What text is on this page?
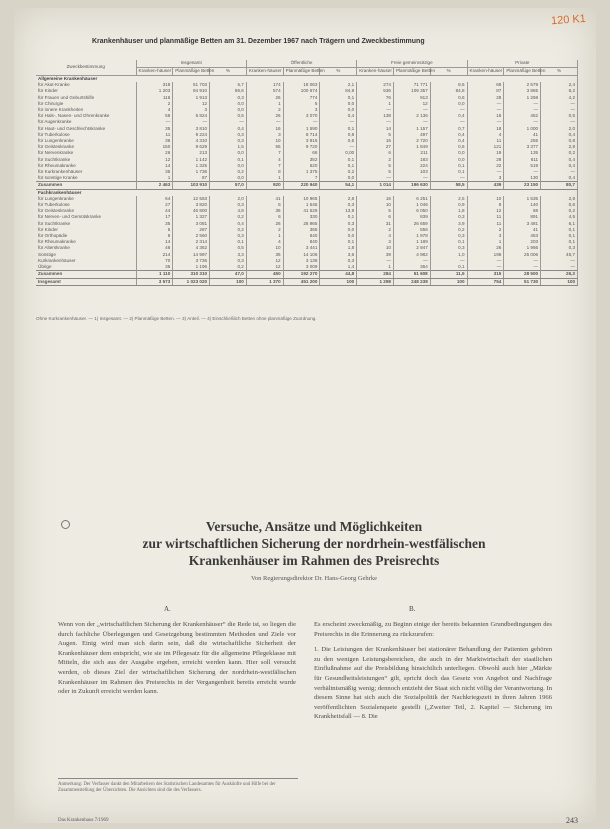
120 K1
Krankenhäuser und planmäßige Betten am 31. Dezember 1967 nach Trägern und Zweckbestimmung
Zweckbestimmung	Insgesamt			Öffentliche			Freie gemeinnützige			Private		
	Kranken-häuser	Planmäßige Betten	%	Kranken-häuser	Planmäßige Betten	%	Kranken-häuser	Planmäßige Betten	%	Kranken-häuser	Planmäßige Betten	%
Allgemeine Krankenhäuser												
für Akut-Kranke	318	51 703	5,7	174	18 063	2,1	274	71 771	8,6	68	2 579	2,4
für Kinder	1 203	94 910	86,6	574	100 674	84,9	536	109 357	84,8	87	3 865	6,2
für Frauen und Geburtshilfe	116	1 913	0,3	26	774	0,1	76	913	0,6	28	1 268	4,2
für Chirurgie	2	12	0,0	1	5	0,0	1	12	0,0	—	—	—
für innere Krankheiten	4	3	0,0	2	3	0,0	—	—	—	—	—	—
für Hals-, Nasen- und Ohrenkranke	56	5 824	0,5	26	3 070	0,4	138	2 136	0,4	18	452	0,5
für Augenkranke	—	—	—	—	—	—	—	—	—	—	—	—
für Haut- und Geschlechtskranke	35	3 810	0,4	16	1 590	0,1	14	1 157	0,7	18	1 000	2,0
für Tuberkulose	11	9 224	0,3	3	8 714	0,8	5	497	0,4	4	41	0,4
für Lungenkranke	36	4 310	0,3	10	3 916	0,5	16	2 720	0,4	11	255	0,8
für Geisteskranke	150	9 629	1,5	55	9 720	—	27	1 849	0,6	121	3 377	2,8
für Nervenkranke	26	213	0,0	7	66	0,00	6	211	0,0	19	135	0,2
für Suchtkranke	12	1 142	0,1	4	352	0,1	2	183	0,0	28	611	0,4
für Rheumakranke	14	1 325	0,0	7	620	0,1	5	224	0,1	22	519	0,4
für Kurkrankenhäuser	35	1 736	0,2	8	1 375	0,2	5	103	0,1	—	—	—
für sonstige Kranke	1	87	0,0	1	7	0,0	—	—	—	3	130	0,4
Zusammen	2 463	103 910	57,0	920	220 940	54,1	1 014	196 630	58,5	439	23 150	80,7
Fachkrankenhäuser												
für Lungenkranke	64	12 553	2,0	41	10 965	2,8	16	6 251	2,5	10	1 535	2,8
für Tuberkulose	27	3 820	0,3	6	1 545	0,3	10	1 046	0,9	8	140	0,6
für Geisteskranke	44	46 800	4,8	36	41 526	13,9	5	6 050	1,8	12	68	0,2
für Nerven- und Gemütskranke	17	1 327	0,2	6	330	0,1	6	839	0,3	11	891	4,5
für Suchtkranke	35	3 081	0,4	26	28 965	0,3	31	26 659	3,9	11	3 481	6,1
für Kinder	5	287	0,2	2	365	0,0	2	556	0,2	2	41	0,1
für Orthopädie	6	2 560	0,3	1	640	0,0	4	1 978	0,3	3	453	0,1
für Rheumakranke	14	2 314	0,1	4	840	0,1	3	1 189	0,1	1	203	0,1
für Alterskranke	46	4 362	0,5	10	3 441	1,8	10	2 947	0,3	26	1 966	0,3
Sonstige	214	14 997	3,3	36	14 106	3,6	39	4 982	1,0	196	25 006	46,7
Kurkrankenhäuser	70	3 736	0,3	12	3 138	0,3	—	—	—	—	—	—
Übrige	36	1 196	0,2	12	3 009	1,4	1	364	0,1	—	—	—
Zusammen	1 110	310 310	47,0	450	192 270	44,8	284	51 608	11,5	315	28 500	26,3
Insgesamt	3 573	1 023 020	100	1 370	451 200	100	1 298	248 238	100	754	51 730	100
Ohne Kurkrankenhäuser. — 1) Insgesamt. — 2) Planmäßige Betten. — 3) Anteil. — 4) Einschließlich Betten ohne planmäßige Zuordnung.
Versuche, Ansätze und Möglichkeiten
zur wirtschaftlichen Sicherung der nordrhein-westfälischen
Krankenhäuser im Rahmen des Preisrechts
Von Regierungsdirektor Dr. Hans-Georg Gehrke
A.	B.

Wenn von der „wirtschaftlichen Sicherung der Krankenhäuser“ die Rede ist, so liegen die durch fachliche Überlegungen und Gesetzgebung bestimmten Methoden und Ziele vor Augen. Einig wird man sich darin sein, daß die wirtschaftliche Sicherheit der Krankenhäuser dem entspricht, wie sie im Pflegesatz für die allgemeine Pflegeklasse mit Mitteln, die sich aus der Ausgabe ergeben, erreicht werden kann. Hier soll versucht werden, ob dieses Ziel der wirtschaftlichen Sicherung der nordrhein-westfälischen Krankenhäuser im Rahmen des Preisrechts in der Vergangenheit bereits erreicht wurde oder in Zukunft erreicht werden kann.

Es erscheint zweckmäßig, zu Beginn einige der bereits bekannten Grundbedingungen des Preisrechts in die Erinnerung zu rückzurufen:

1. Die Leistungen der Krankenhäuser bei stationärer Behandlung der Patienten gehören zu den wenigen Leistungsbereichen, die auch in der Marktwirtschaft der staatlichen Einflußnahme auf die Preisbildung hinsichtlich unterliegen. Obwohl auch hier „Märkte für Gesundheitsleistungen“ gilt, spricht doch das Gesetz von Angebot und Nachfrage verhältnismäßig wenig; dennoch entzieht der Staat sich nicht völlig der Verantwortung. In diesem Sinne hat sich auch die Sozialpolitik der Nachkriegszeit in ihren Jahren 1966 veröffentlichten Sozialenquete gestellt („Zweiter Teil, 2. Kapitel — Sicherung im Krankheitsfall — 8. Die

Anmerkung: Der Verfasser dankt den Mitarbeitern des Statistischen Landesamtes für Auskünfte und Hilfe bei der Zusammenstellung der Übersichten. Die Ansichten sind die des Verfassers.
Das Krankenhaus 7/1969	243
